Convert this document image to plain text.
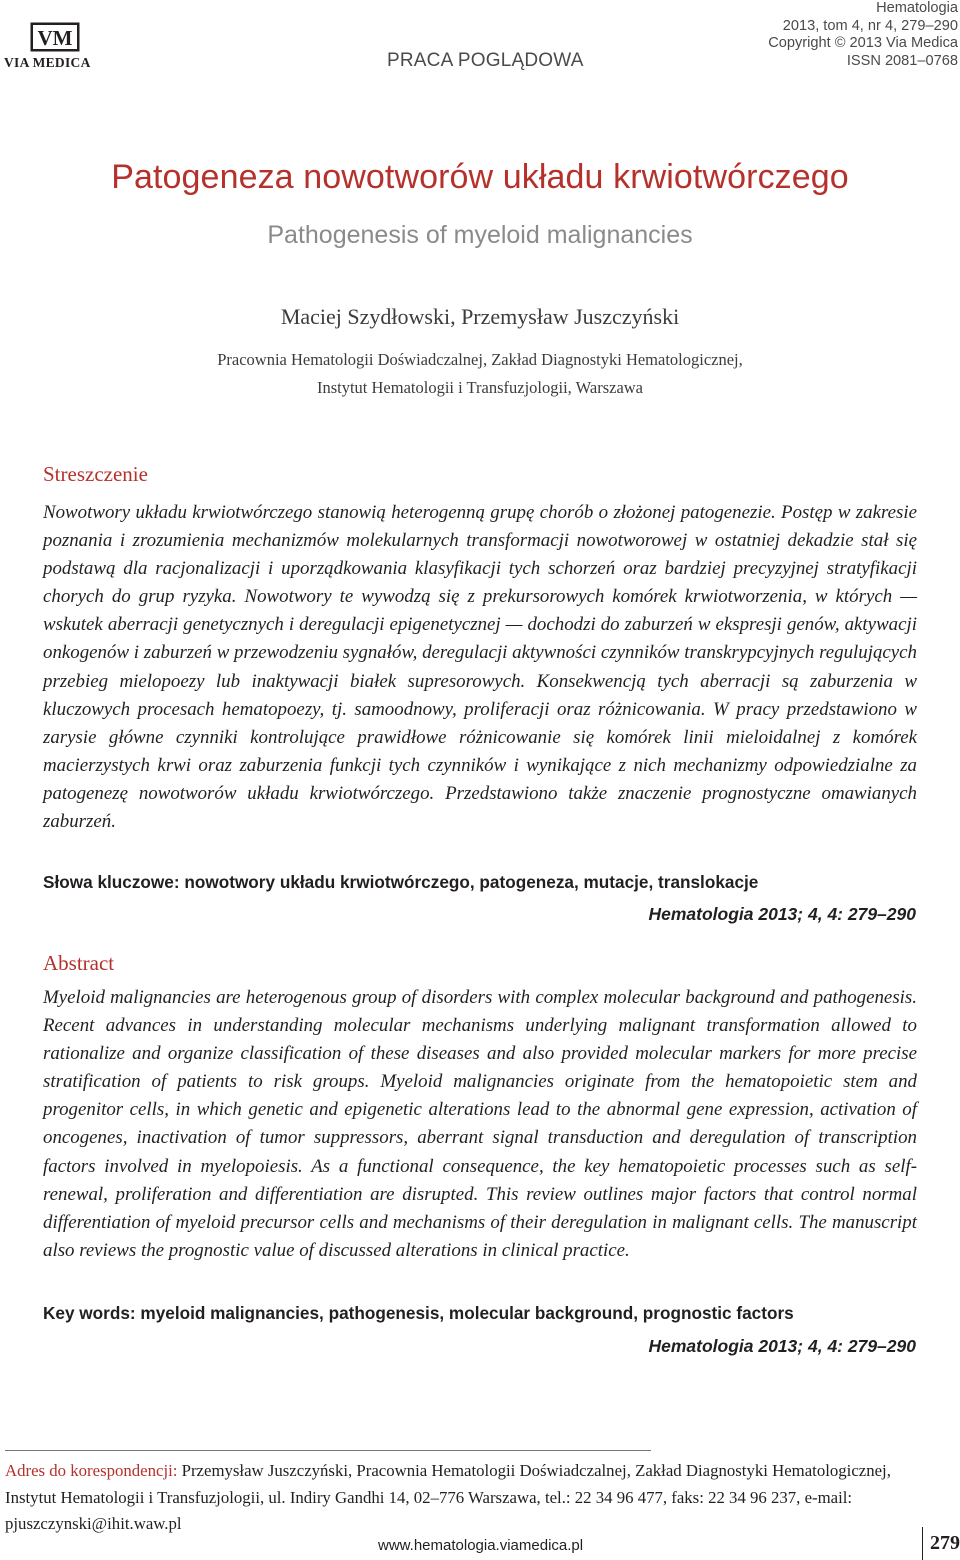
VM
VIA MEDICA	PRACA POGLĄDOWA
Hematologia
2013, tom 4, nr 4, 279–290
Copyright © 2013 Via Medica
ISSN 2081–0768
Patogeneza nowotworów układu krwiotwórczego
Pathogenesis of myeloid malignancies
Maciej Szydłowski, Przemysław Juszczyński
Pracownia Hematologii Doświadczalnej, Zakład Diagnostyki Hematologicznej,
Instytut Hematologii i Transfuzjologii, Warszawa
Streszczenie
Nowotwory układu krwiotwórczego stanowią heterogenną grupę chorób o złożonej patogenezie. Postęp w zakresie poznania i zrozumienia mechanizmów molekularnych transformacji nowotworowej w ostatniej dekadzie stał się podstawą dla racjonalizacji i uporządkowania klasyfikacji tych schorzeń oraz bardziej precyzyjnej stratyfikacji chorych do grup ryzyka. Nowotwory te wywodzą się z prekursorowych komórek krwiotworzenia, w których — wskutek aberracji genetycznych i deregulacji epigenetycznej — dochodzi do zaburzeń w ekspresji genów, aktywacji onkogenów i zaburzeń w przewodzeniu sygnałów, deregulacji aktywności czynników transkrypcyjnych regulujących przebieg mielopoezy lub inaktywacji białek supresorowych. Konsekwencją tych aberracji są zaburzenia w kluczowych procesach hematopoezy, tj. samoodnowy, proliferacji oraz różnicowania. W pracy przedstawiono w zarysie główne czynniki kontrolujące prawidłowe różnicowanie się komórek linii mieloidalnej z komórek macierzystych krwi oraz zaburzenia funkcji tych czynników i wynikające z nich mechanizmy odpowiedzialne za patogenezę nowotworów układu krwiotwórczego. Przedstawiono także znaczenie prognostyczne omawianych zaburzeń.
Słowa kluczowe: nowotwory układu krwiotwórczego, patogeneza, mutacje, translokacje
Hematologia 2013; 4, 4: 279–290
Abstract
Myeloid malignancies are heterogenous group of disorders with complex molecular background and pathogenesis. Recent advances in understanding molecular mechanisms underlying malignant transformation allowed to rationalize and organize classification of these diseases and also provided molecular markers for more precise stratification of patients to risk groups. Myeloid malignancies originate from the hematopoietic stem and progenitor cells, in which genetic and epigenetic alterations lead to the abnormal gene expression, activation of oncogenes, inactivation of tumor suppressors, aberrant signal transduction and deregulation of transcription factors involved in myelopoiesis. As a functional consequence, the key hematopoietic processes such as self-renewal, proliferation and differentiation are disrupted. This review outlines major factors that control normal differentiation of myeloid precursor cells and mechanisms of their deregulation in malignant cells. The manuscript also reviews the prognostic value of discussed alterations in clinical practice.
Key words: myeloid malignancies, pathogenesis, molecular background, prognostic factors
Hematologia 2013; 4, 4: 279–290
Adres do korespondencji: Przemysław Juszczyński, Pracownia Hematologii Doświadczalnej, Zakład Diagnostyki Hematologicznej, Instytut Hematologii i Transfuzjologii, ul. Indiry Gandhi 14, 02–776 Warszawa, tel.: 22 34 96 477, faks: 22 34 96 237, e-mail: pjuszczynski@ihit.waw.pl
www.hematologia.viamedica.pl	279
